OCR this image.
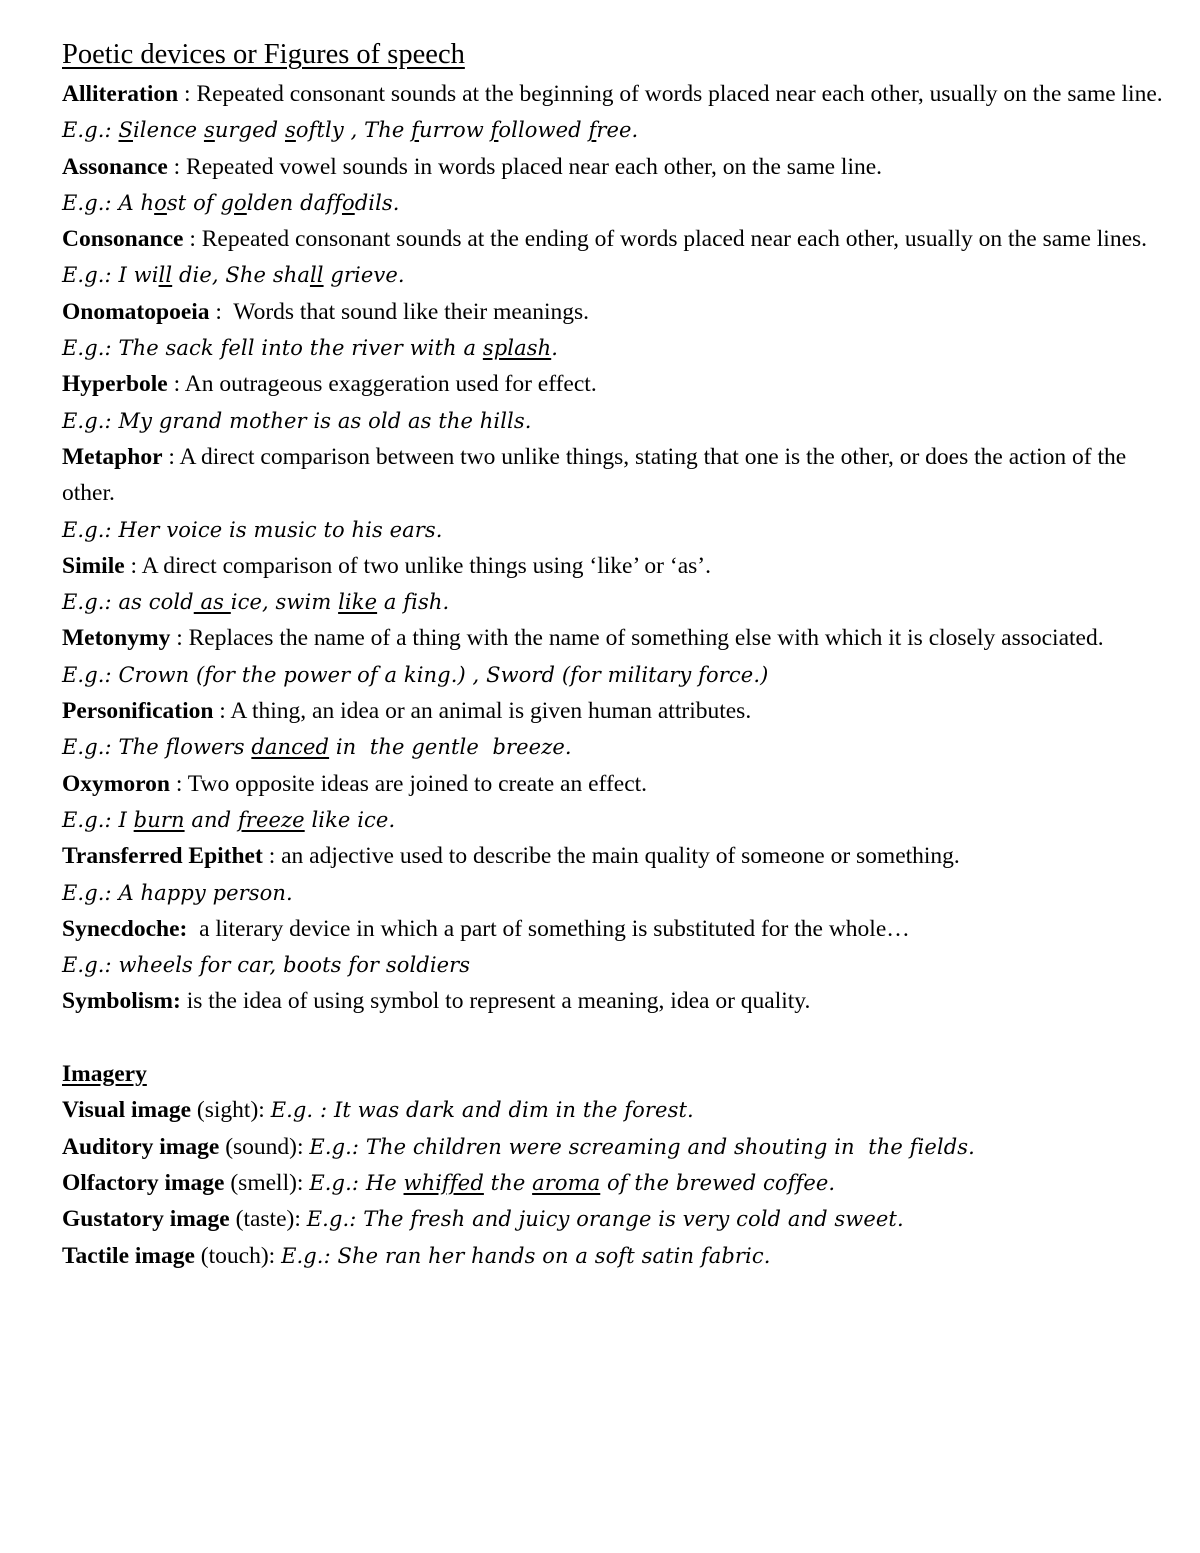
Poetic devices or Figures of speech
Alliteration : Repeated consonant sounds at the beginning of words placed near each other, usually on the same line.
E.g.: Silence surged softly , The furrow followed free.
Assonance : Repeated vowel sounds in words placed near each other, on the same line.
E.g.: A host of golden daffodils.
Consonance : Repeated consonant sounds at the ending of words placed near each other, usually on the same lines.
E.g.: I will die, She shall grieve.
Onomatopoeia :  Words that sound like their meanings.
E.g.: The sack fell into the river with a splash.
Hyperbole : An outrageous exaggeration used for effect.
E.g.: My grand mother is as old as the hills.
Metaphor : A direct comparison between two unlike things, stating that one is the other, or does the action of the other.
E.g.: Her voice is music to his ears.
Simile : A direct comparison of two unlike things using ‘like’ or ‘as’.
E.g.: as cold as ice, swim like a fish.
Metonymy : Replaces the name of a thing with the name of something else with which it is closely associated.
E.g.: Crown (for the power of a king.) , Sword (for military force.)
Personification : A thing, an idea or an animal is given human attributes.
E.g.: The flowers danced in  the gentle  breeze.
Oxymoron : Two opposite ideas are joined to create an effect.
E.g.: I burn and freeze like ice.
Transferred Epithet : an adjective used to describe the main quality of someone or something.
E.g.: A happy person.
Synecdoche: a literary device in which a part of something is substituted for the whole…
E.g.: wheels for car, boots for soldiers
Symbolism: is the idea of using symbol to represent a meaning, idea or quality.
Imagery
Visual image (sight): E.g. : It was dark and dim in the forest.
Auditory image (sound): E.g.: The children were screaming and shouting in  the fields.
Olfactory image (smell): E.g.: He whiffed the aroma of the brewed coffee.
Gustatory image (taste): E.g.: The fresh and juicy orange is very cold and sweet.
Tactile image (touch): E.g.: She ran her hands on a soft satin fabric.
